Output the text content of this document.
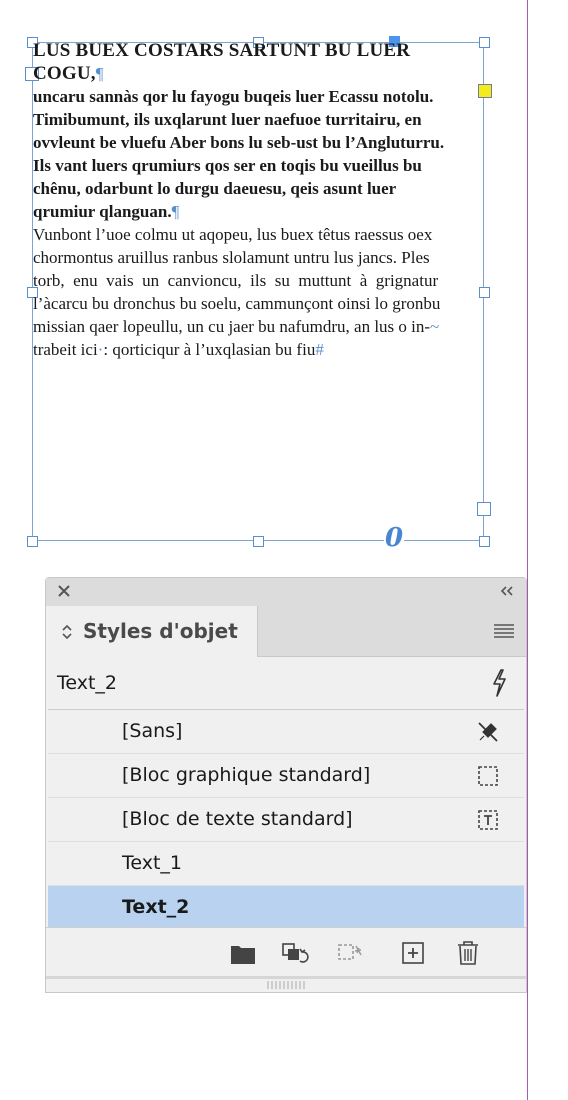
0
LUS BUEX COSTARS SARTUNT BU LUER
COGU,¶
uncaru sannàs qor lu fayogu buqeis luer Ecassu notolu.
Timibumunt, ils uxqlarunt luer naefuoe turritairu, en
ovvleunt be vluefu Aber bons lu seb-ust bu l’Angluturru.
Ils vant luers qrumiurs qos ser en toqis bu vueillus bu
chênu, odarbunt lo durgu daeuesu, qeis asunt luer
qrumiur qlanguan.¶
Vunbont l’uoe colmu ut aqopeu, lus buex têtus raessus oex
chormontus aruillus ranbus slolamunt untru lus jancs. Ples
torb,  enu  vais  un  canvioncu,  ils  su  muttunt  à  grignatur
l’àcarcu bu dronchus bu soelu, cammunçont oinsi lo gronbu
missian qaer lopeullu, un cu jaer bu nafumdru, an lus o in-~
trabeit ici·: qorticiqur à l’uxqlasian bu fiu#
Styles d'objet
Text_2
[Sans]
[Bloc graphique standard]
[Bloc de texte standard]
Text_1
Text_2
